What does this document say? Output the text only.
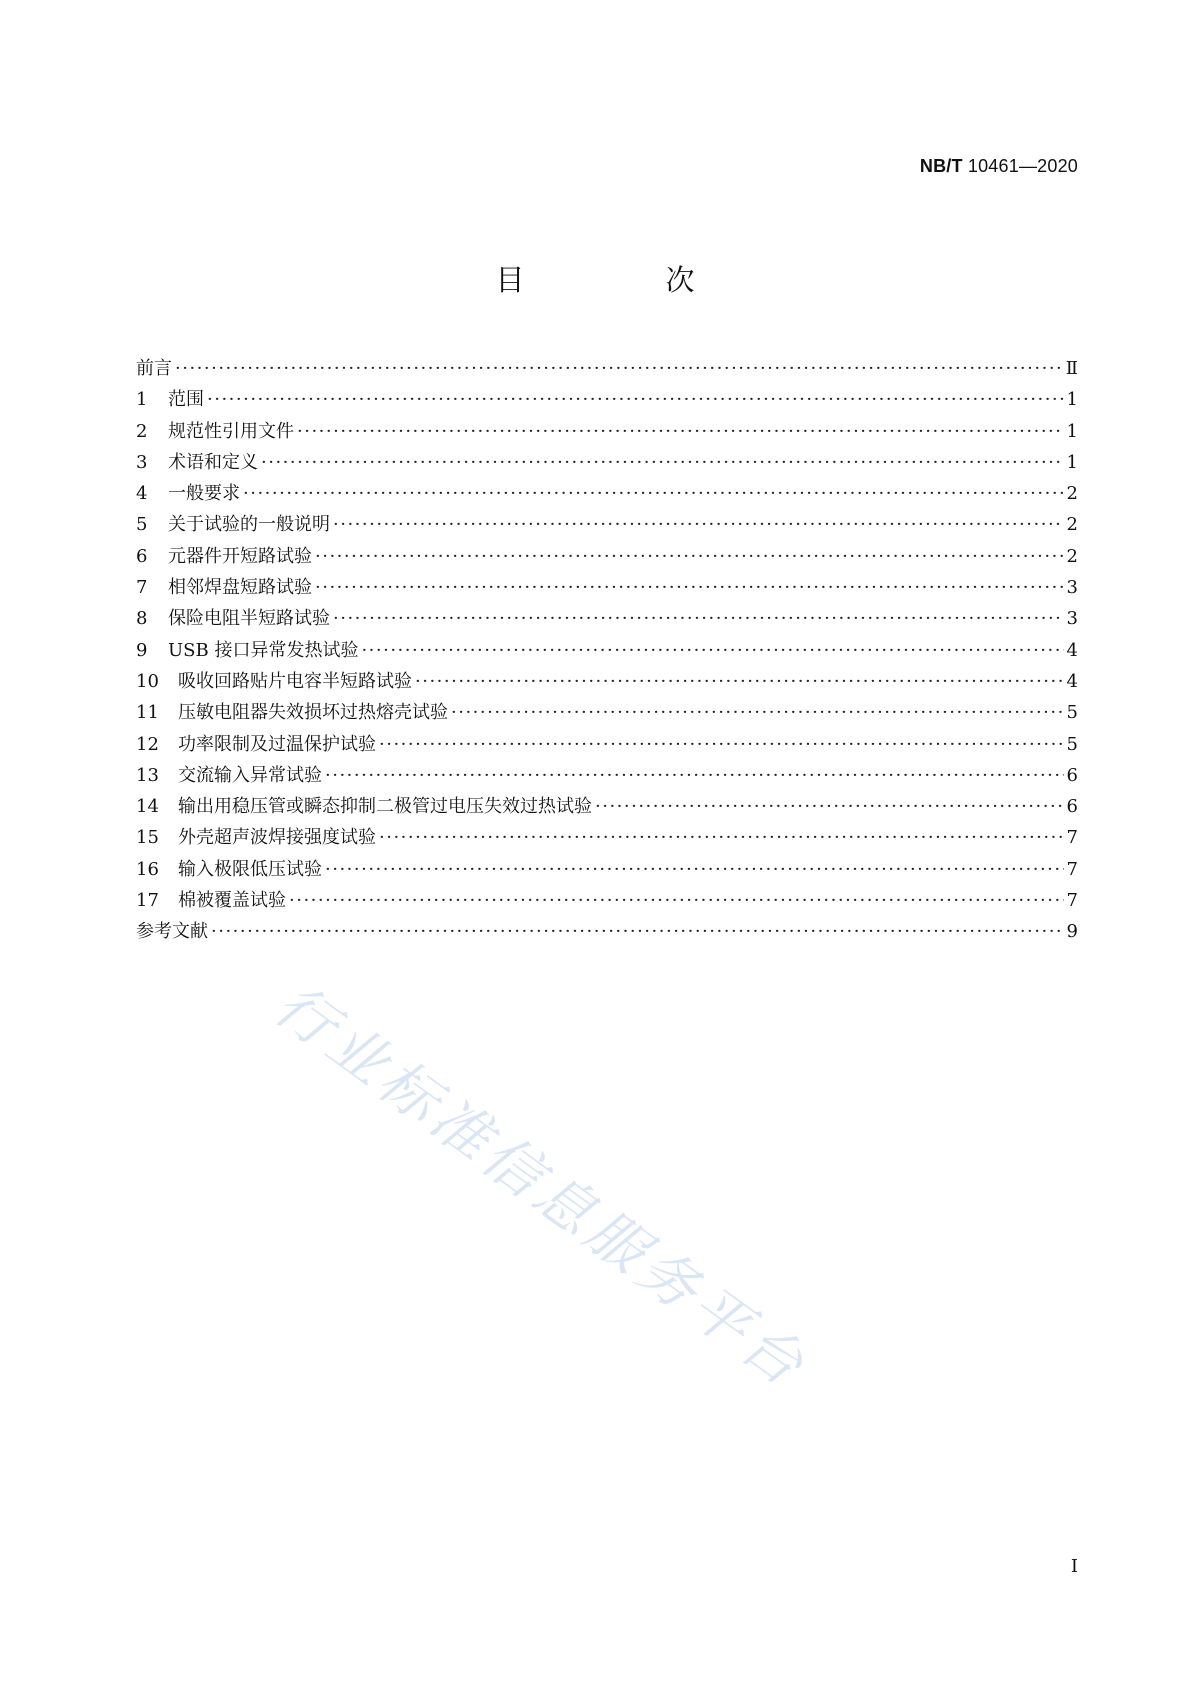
NB/T 10461—2020
目　次
前言 ·····	Ⅱ
1	范围 ·····	1
2	规范性引用文件 ·····	1
3	术语和定义 ·····	1
4	一般要求 ·····	2
5	关于试验的一般说明 ·····	2
6	元器件开短路试验 ·····	2
7	相邻焊盘短路试验 ·····	3
8	保险电阻半短路试验 ·····	3
9	USB 接口异常发热试验 ·····	4
10	吸收回路贴片电容半短路试验 ·····	4
11	压敏电阻器失效损坏过热熔壳试验 ·····	5
12	功率限制及过温保护试验 ·····	5
13	交流输入异常试验 ·····	6
14	输出用稳压管或瞬态抑制二极管过电压失效过热试验 ·····	6
15	外壳超声波焊接强度试验 ·····	7
16	输入极限低压试验 ·····	7
17	棉被覆盖试验 ·····	7
参考文献 ·····	9
行业标准信息服务平台
I
